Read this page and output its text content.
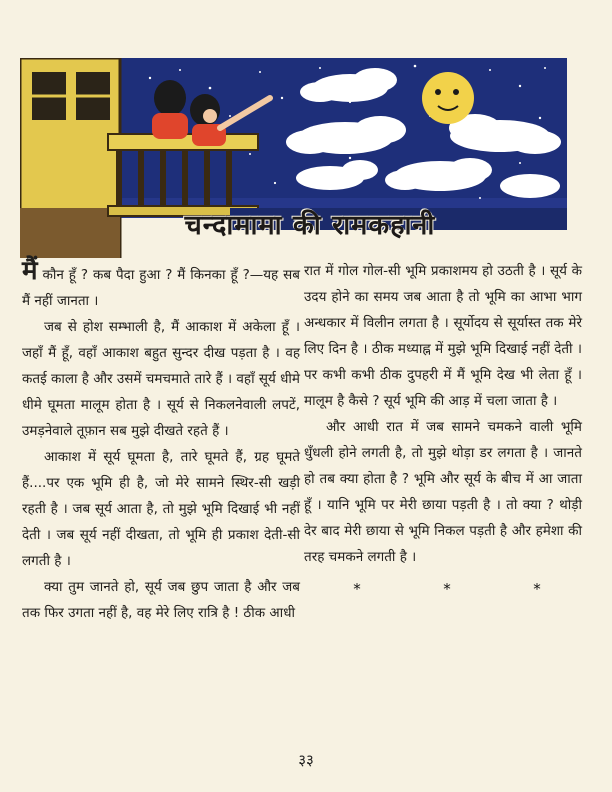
चन्दामामा की रामकहानी

मैं कौन हूँ ? कब पैदा हुआ ? मैं किनका हूँ ?—यह सब मैं नहीं जानता ।

जब से होश सम्भाली है, मैं आकाश में अकेला हूँ । जहाँ मैं हूँ, वहाँ आकाश बहुत सुन्दर दीख पड़ता है । वह कतई काला है और उसमें चमचमाते तारे हैं । वहाँ सूर्य धीमे धीमे घूमता मालूम होता है । सूर्य से निकलनेवाली लपटें, उमड़नेवाले तूफ़ान सब मुझे दीखते रहते हैं ।

आकाश में सूर्य घूमता है, तारे घूमते हैं, ग्रह घूमते हैं....पर एक भूमि ही है, जो मेरे सामने स्थिर-सी खड़ी रहती है । जब सूर्य आता है, तो मुझे भूमि दिखाई भी नहीं देती । जब सूर्य नहीं दीखता, तो भूमि ही प्रकाश देती-सी लगती है ।

क्या तुम जानते हो, सूर्य जब छुप जाता है और जब तक फिर उगता नहीं है, वह मेरे लिए रात्रि है ! ठीक आधी

रात में गोल गोल-सी भूमि प्रकाशमय हो उठती है । सूर्य के उदय होने का समय जब आता है तो भूमि का आभा भाग अन्धकार में विलीन लगता है । सूर्योदय से सूर्यास्त तक मेरे लिए दिन है । ठीक मध्याह्न में मुझे भूमि दिखाई नहीं देती । पर कभी कभी ठीक दुपहरी में मैं भूमि देख भी लेता हूँ । मालूम है कैसे ? सूर्य भूमि की आड़ में चला जाता है ।

और आधी रात में जब सामने चमकने वाली भूमि धुँधली होने लगती है, तो मुझे थोड़ा डर लगता है । जानते हो तब क्या होता है ? भूमि और सूर्य के बीच में आ जाता हूँ । यानि भूमि पर मेरी छाया पड़ती है । तो क्या ? थोड़ी देर बाद मेरी छाया से भूमि निकल पड़ती है और हमेशा की तरह चमकने लगती है ।

*	*	*
३३
